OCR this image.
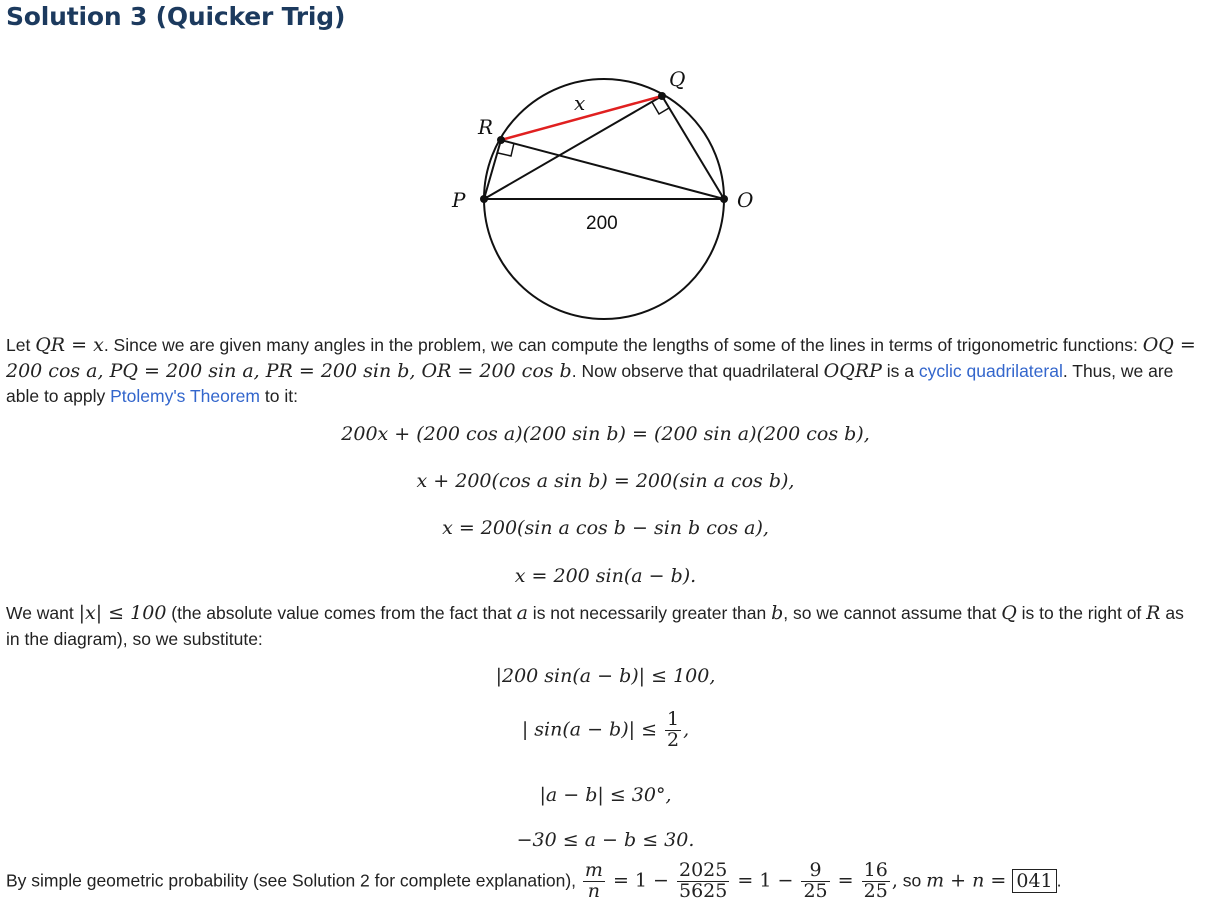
Solution 3 (Quicker Trig)
Q
R
P	O
x
200

Let QR = x. Since we are given many angles in the problem, we can compute the lengths of some of the lines in terms of trigonometric functions: OQ = 200 cos a, PQ = 200 sin a, PR = 200 sin b, OR = 200 cos b. Now observe that quadrilateral OQRP is a cyclic quadrilateral. Thus, we are able to apply Ptolemy's Theorem to it:

200x + (200 cos a)(200 sin b) = (200 sin a)(200 cos b),
x + 200(cos a sin b) = 200(sin a cos b),
x = 200(sin a cos b − sin b cos a),
x = 200 sin(a − b).

We want |x| ≤ 100 (the absolute value comes from the fact that a is not necessarily greater than b, so we cannot assume that Q is to the right of R as in the diagram), so we substitute:

|200 sin(a − b)| ≤ 100,
| $\sin(a - b)| \le \frac{1}{2}$ ,
|a − b| ≤ 30°,
−30 ≤ a − b ≤ 30.
By simple geometric probability (see Solution 2 for complete explanation), $\frac{m}{n} = 1 - \frac{2025}{5625} = 1 - \frac{9}{25} = \frac{16}{25}$ , so m + n = 041 .
